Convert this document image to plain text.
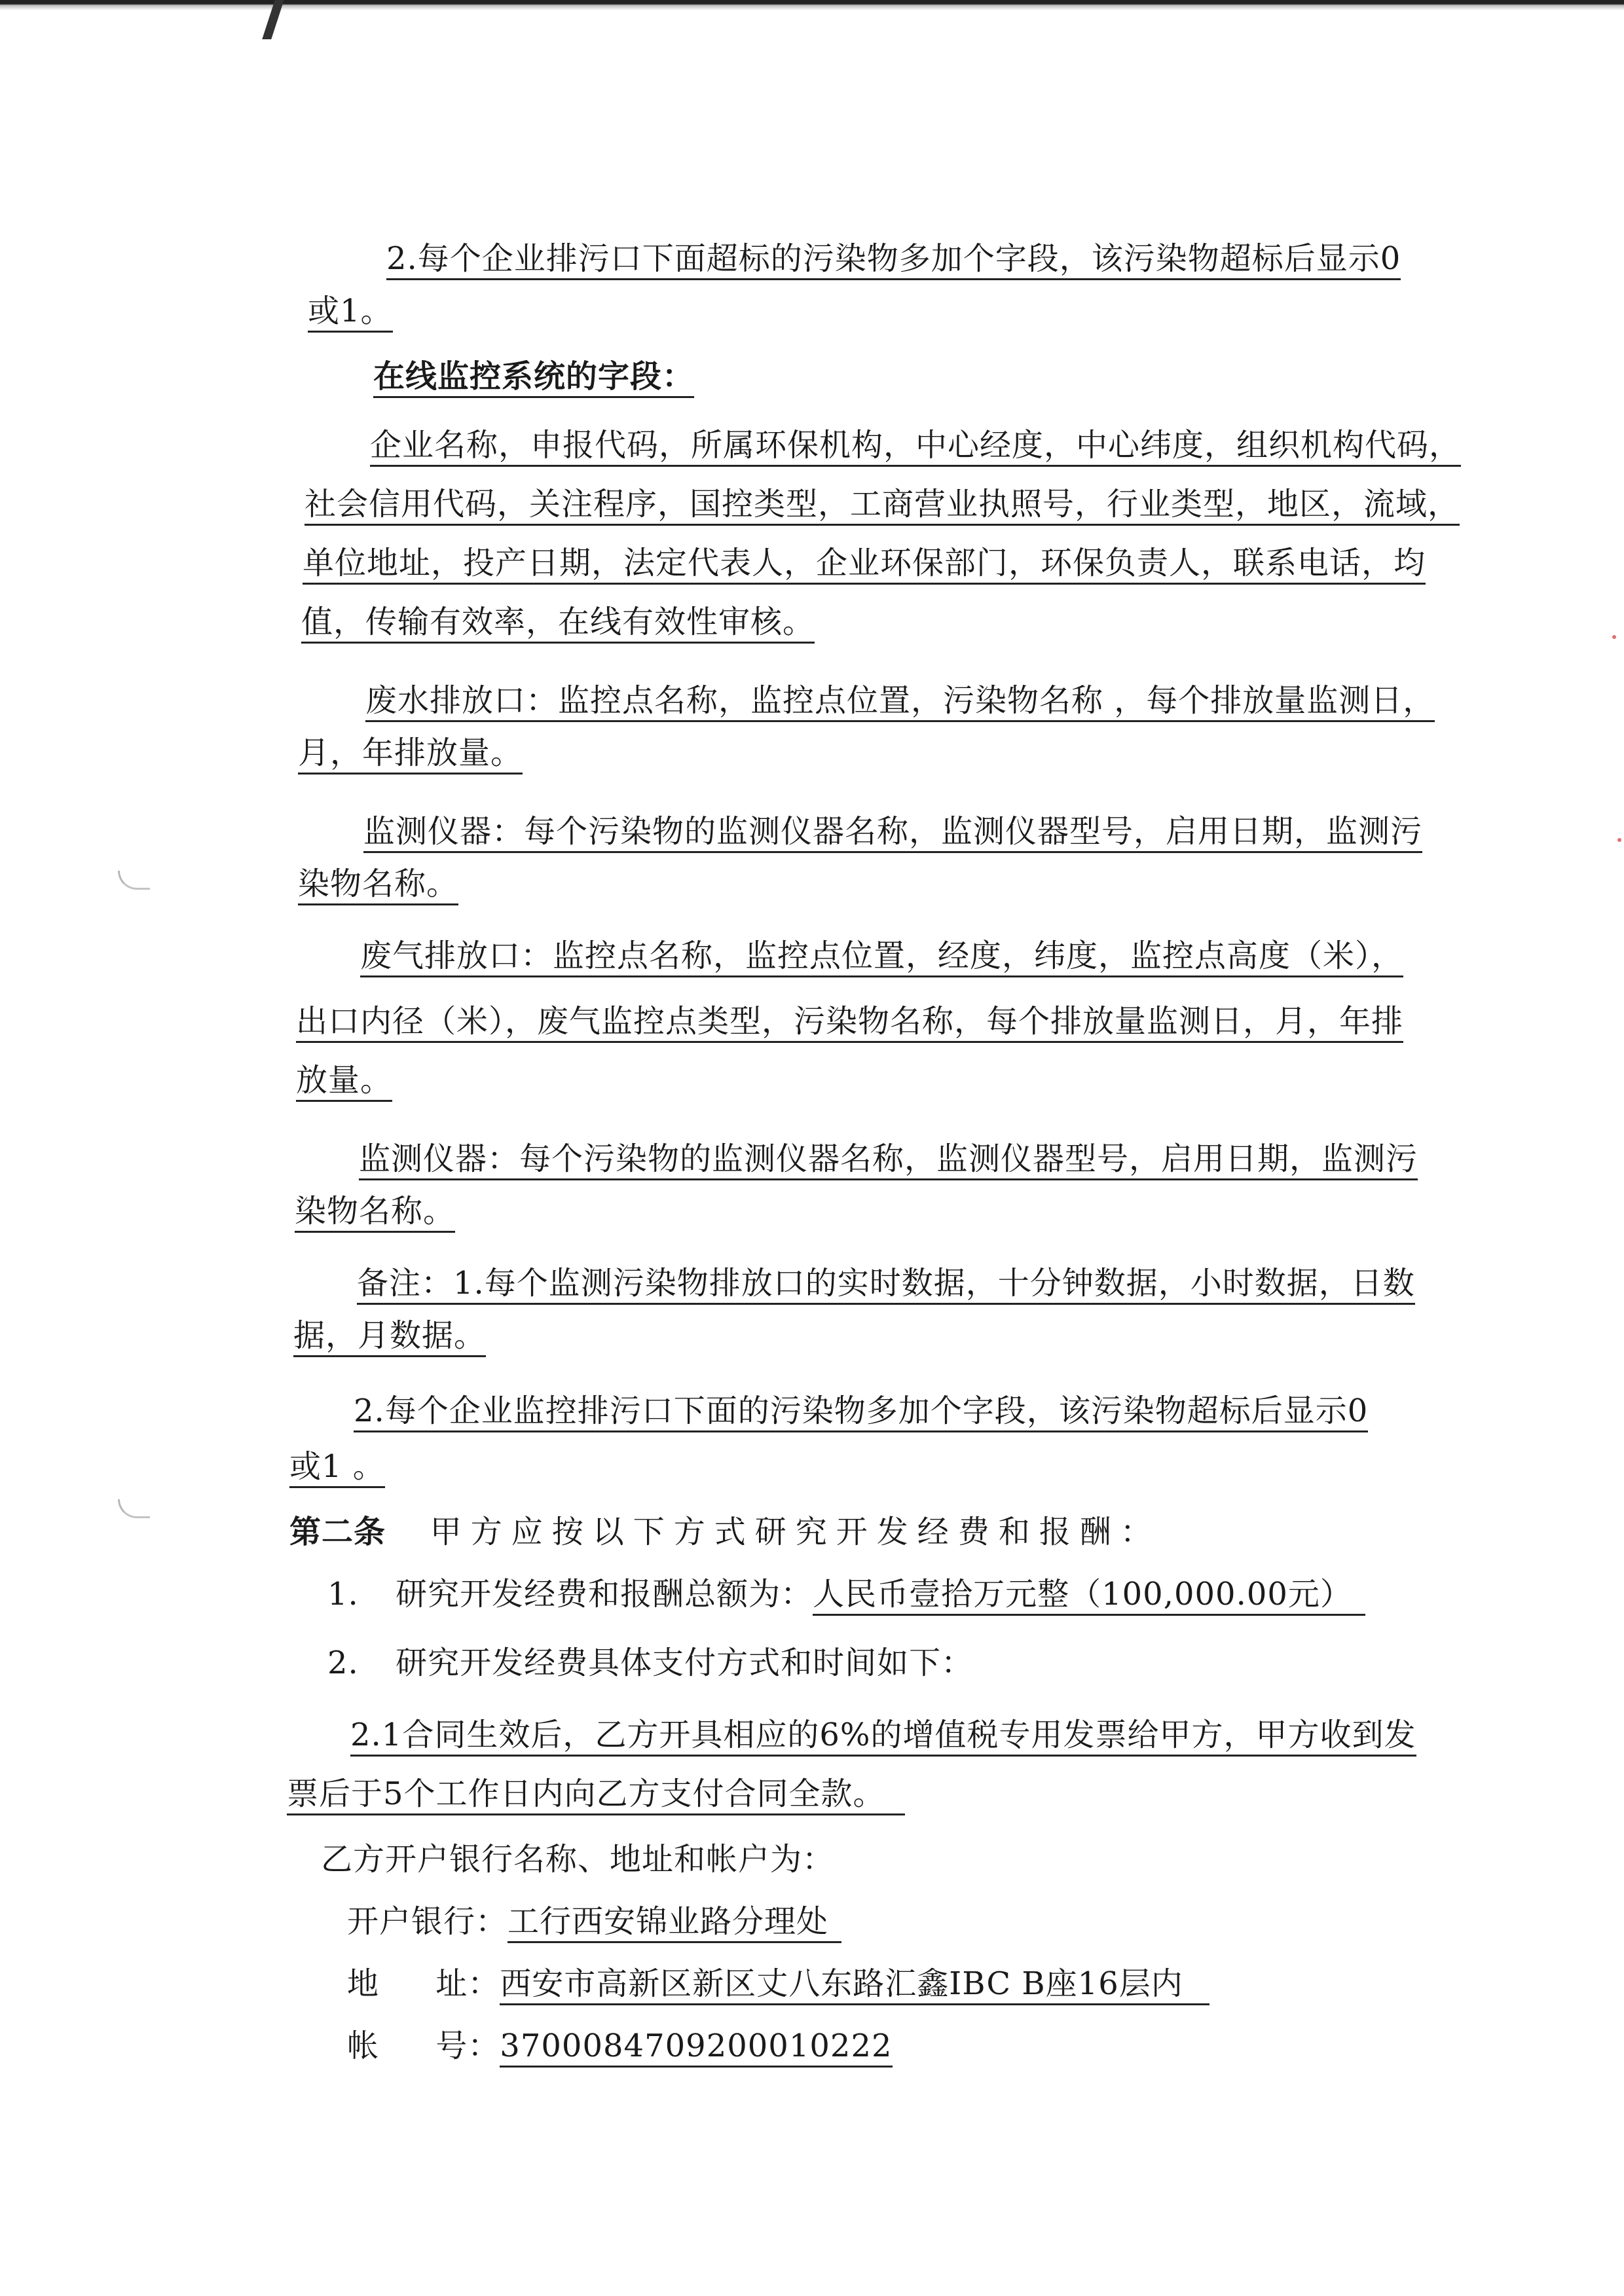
2.每个企业排污口下面超标的污染物多加个字段，该污染物超标后显示0
或1。
在线监控系统的字段：
企业名称，申报代码，所属环保机构，中心经度，中心纬度，组织机构代码，
社会信用代码，关注程序，国控类型，工商营业执照号，行业类型，地区，流域，
单位地址，投产日期，法定代表人，企业环保部门，环保负责人，联系电话，均
值，传输有效率，在线有效性审核。
废水排放口：监控点名称，监控点位置，污染物名称 ，每个排放量监测日，
月，年排放量。
监测仪器：每个污染物的监测仪器名称，监测仪器型号，启用日期，监测污
染物名称。
废气排放口：监控点名称，监控点位置，经度，纬度，监控点高度（米），
出口内径（米），废气监控点类型，污染物名称，每个排放量监测日，月，年排
放量。
监测仪器：每个污染物的监测仪器名称，监测仪器型号，启用日期，监测污
染物名称。
备注：1.每个监测污染物排放口的实时数据，十分钟数据，小时数据，日数
据，月数据。
2.每个企业监控排污口下面的污染物多加个字段，该污染物超标后显示0
或1 。
第二条 甲方应按以下方式研究开发经费和报酬：
1. 研究开发经费和报酬总额为：人民币壹拾万元整（100,000.00元）
2. 研究开发经费具体支付方式和时间如下：
2.1合同生效后，乙方开具相应的6%的增值税专用发票给甲方，甲方收到发
票后于5个工作日内向乙方支付合同全款。
乙方开户银行名称、地址和帐户为：
开户银行：工行西安锦业路分理处
地 址：西安市高新区新区丈八东路汇鑫IBC B座16层内
帐 号：3700084709200010222
